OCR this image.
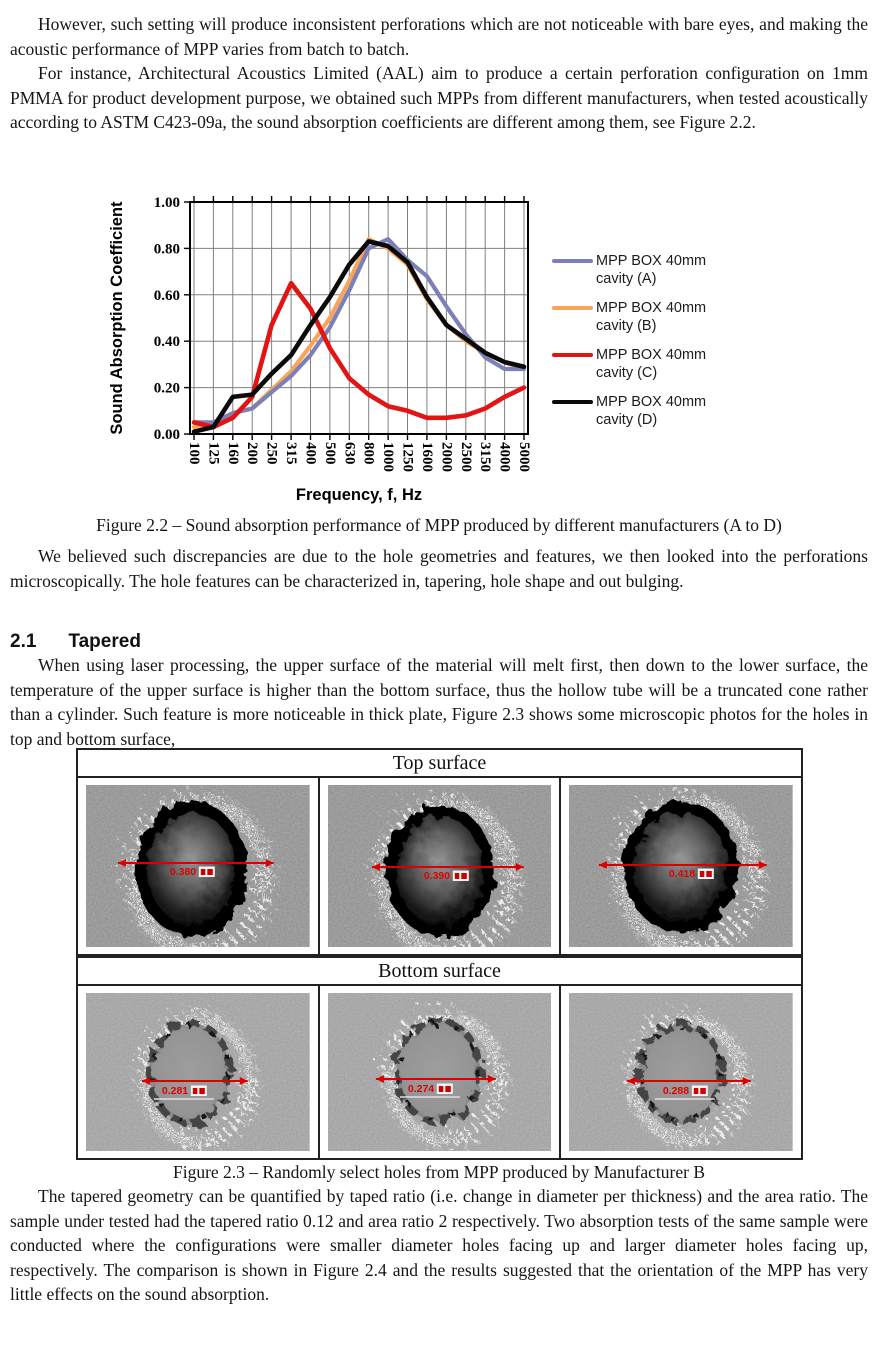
However, such setting will produce inconsistent perforations which are not noticeable with bare eyes, and making the acoustic performance of MPP varies from batch to batch.

For instance, Architectural Acoustics Limited (AAL) aim to produce a certain perforation configuration on 1mm PMMA for product development purpose, we obtained such MPPs from different manufacturers, when tested acoustically according to ASTM C423-09a, the sound absorption coefficients are different among them, see Figure 2.2.

0.00
0.20
0.40
0.60
0.80
1.00
100 125 160 200 250 315 400 500 630 800 1000 1250 1600 2000 2500 3150 4000 5000
Frequency, f, Hz
Sound Absorption Coefficient	MPP BOX 40mm
cavity (A)
MPP BOX 40mm
cavity (B)
MPP BOX 40mm
cavity (C)
MPP BOX 40mm
cavity (D)

Figure 2.2 – Sound absorption performance of MPP produced by different manufacturers (A to D)

We believed such discrepancies are due to the hole geometries and features, we then looked into the perforations microscopically. The hole features can be characterized in, tapering, hole shape and out bulging.

2.1 Tapered

When using laser processing, the upper surface of the material will melt first, then down to the lower surface, the temperature of the upper surface is higher than the bottom surface, thus the hollow tube will be a truncated cone rather than a cylinder. Such feature is more noticeable in thick plate, Figure 2.3 shows some microscopic photos for the holes in top and bottom surface,

Top surface
0.380	0.390	0.418
Bottom surface
0.281	0.274	0.288

Figure 2.3 – Randomly select holes from MPP produced by Manufacturer B

The tapered geometry can be quantified by taped ratio (i.e. change in diameter per thickness) and the area ratio. The sample under tested had the tapered ratio 0.12 and area ratio 2 respectively. Two absorption tests of the same sample were conducted where the configurations were smaller diameter holes facing up and larger diameter holes facing up, respectively. The comparison is shown in Figure 2.4 and the results suggested that the orientation of the MPP has very little effects on the sound absorption.
